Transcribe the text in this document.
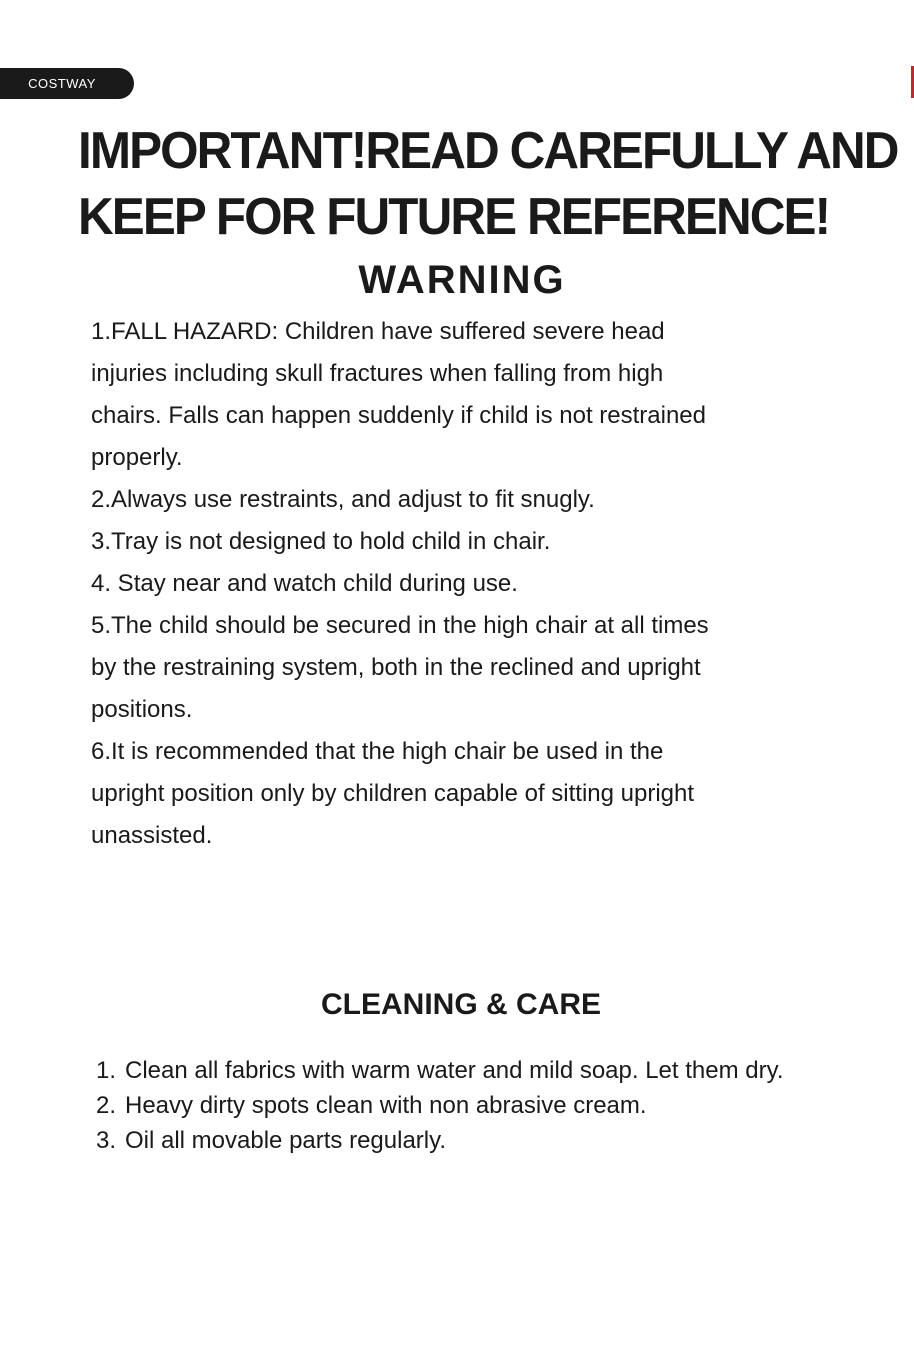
COSTWAY
IMPORTANT!READ CAREFULLY AND
KEEP FOR FUTURE REFERENCE!
WARNING

1.FALL HAZARD: Children have suffered severe head

injuries including skull fractures when falling from high

chairs. Falls can happen suddenly if child is not restrained

properly.

2.Always use restraints, and adjust to fit snugly.

3.Tray is not designed to hold child in chair.

4. Stay near and watch child during use.

5.The child should be secured in the high chair at all times

by the restraining system, both in the reclined and upright

positions.

6.It is recommended that the high chair be used in the

upright position only by children capable of sitting upright

unassisted.

CLEANING & CARE
1. Clean all fabrics with warm water and mild soap. Let them dry.
2. Heavy dirty spots clean with non abrasive cream.
3. Oil all movable parts regularly.
